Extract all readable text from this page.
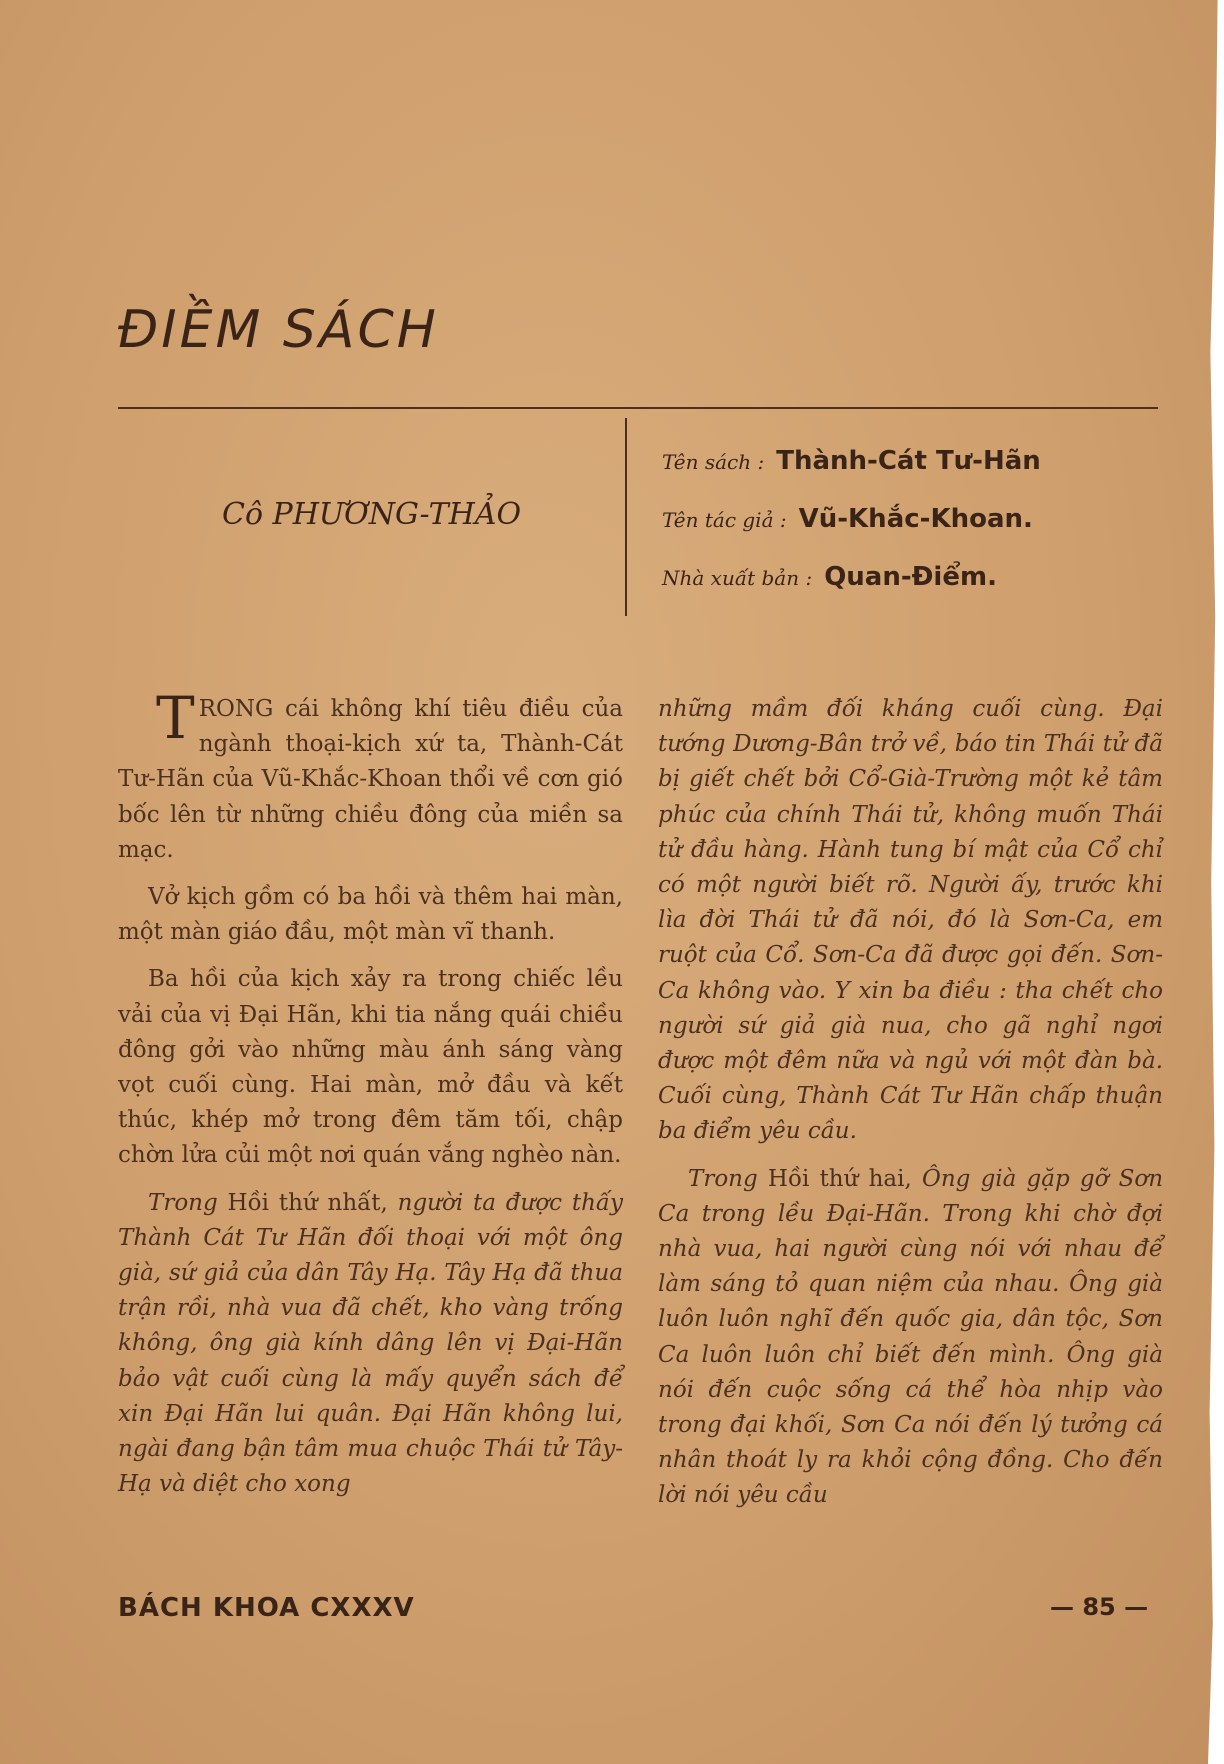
ĐIỀM SÁCH
Cô PHƯƠNG-THẢO
Tên sách : Thành-Cát Tư-Hãn
Tên tác giả : Vũ-Khắc-Khoan.
Nhà xuất bản : Quan-Điểm.

TRONG cái không khí tiêu điều của ngành thoại-kịch xứ ta, Thành-Cát Tư-Hãn của Vũ-Khắc-Khoan thổi về cơn gió bốc lên từ những chiều đông của miền sa mạc.

Vở kịch gồm có ba hồi và thêm hai màn, một màn giáo đầu, một màn vĩ thanh.

Ba hồi của kịch xảy ra trong chiếc lều vải của vị Đại Hãn, khi tia nắng quái chiều đông gởi vào những màu ánh sáng vàng vọt cuối cùng. Hai màn, mở đầu và kết thúc, khép mở trong đêm tăm tối, chập chờn lửa củi một nơi quán vắng nghèo nàn.

Trong Hồi thứ nhất, người ta được thấy Thành Cát Tư Hãn đối thoại với một ông già, sứ giả của dân Tây Hạ. Tây Hạ đã thua trận rồi, nhà vua đã chết, kho vàng trống không, ông già kính dâng lên vị Đại-Hãn bảo vật cuối cùng là mấy quyển sách để xin Đại Hãn lui quân. Đại Hãn không lui, ngài đang bận tâm mua chuộc Thái tử Tây-Hạ và diệt cho xong

những mầm đối kháng cuối cùng. Đại tướng Dương-Bân trở về, báo tin Thái tử đã bị giết chết bởi Cổ-Già-Trường một kẻ tâm phúc của chính Thái tử, không muốn Thái tử đầu hàng. Hành tung bí mật của Cổ chỉ có một người biết rõ. Người ấy, trước khi lìa đời Thái tử đã nói, đó là Sơn-Ca, em ruột của Cổ. Sơn-Ca đã được gọi đến. Sơn-Ca không vào. Y xin ba điều : tha chết cho người sứ giả già nua, cho gã nghỉ ngơi được một đêm nữa và ngủ với một đàn bà. Cuối cùng, Thành Cát Tư Hãn chấp thuận ba điểm yêu cầu.

Trong Hồi thứ hai, Ông già gặp gỡ Sơn Ca trong lều Đại-Hãn. Trong khi chờ đợi nhà vua, hai người cùng nói với nhau để làm sáng tỏ quan niệm của nhau. Ông già luôn luôn nghĩ đến quốc gia, dân tộc, Sơn Ca luôn luôn chỉ biết đến mình. Ông già nói đến cuộc sống cá thể hòa nhịp vào trong đại khối, Sơn Ca nói đến lý tưởng cá nhân thoát ly ra khỏi cộng đồng. Cho đến lời nói yêu cầu

BÁCH KHOA CXXXV	— 85 —
